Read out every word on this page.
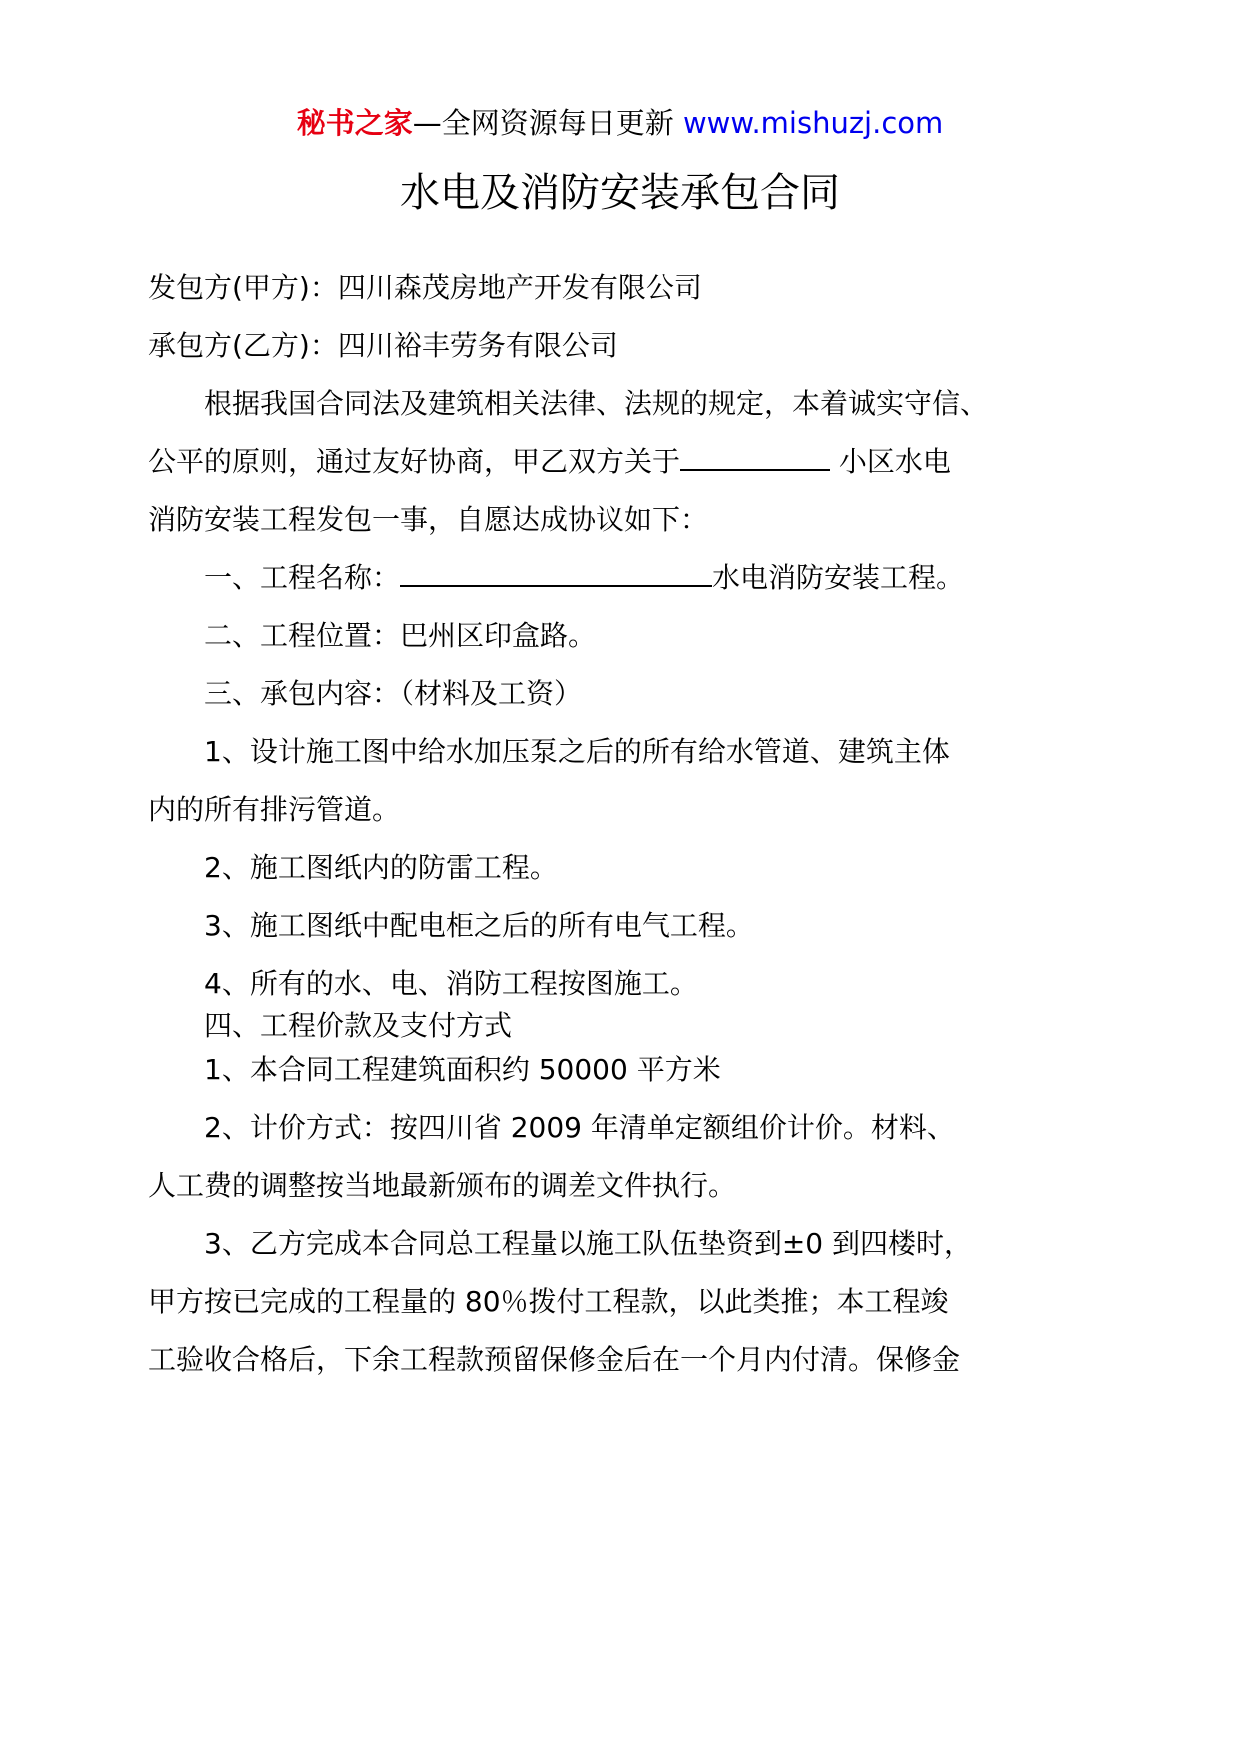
秘书之家—全网资源每日更新 www.mishuzj.com
水电及消防安装承包合同
发包方(甲方)：四川森茂房地产开发有限公司
承包方(乙方)：四川裕丰劳务有限公司
根据我国合同法及建筑相关法律、法规的规定，本着诚实守信、
公平的原则，通过友好协商，甲乙双方关于	小区水电
消防安装工程发包一事，自愿达成协议如下：
一、工程名称：	水电消防安装工程。
二、工程位置：巴州区印盒路。
三、承包内容：（材料及工资）
1、设计施工图中给水加压泵之后的所有给水管道、建筑主体
内的所有排污管道。
2、施工图纸内的防雷工程。
3、施工图纸中配电柜之后的所有电气工程。
4、所有的水、电、消防工程按图施工。
四、工程价款及支付方式
1、本合同工程建筑面积约 50000 平方米
2、计价方式：按四川省 2009 年清单定额组价计价。材料、
人工费的调整按当地最新颁布的调差文件执行。
3、乙方完成本合同总工程量以施工队伍垫资到±0 到四楼时，
甲方按已完成的工程量的 80％拨付工程款，以此类推；本工程竣
工验收合格后，下余工程款预留保修金后在一个月内付清。保修金
